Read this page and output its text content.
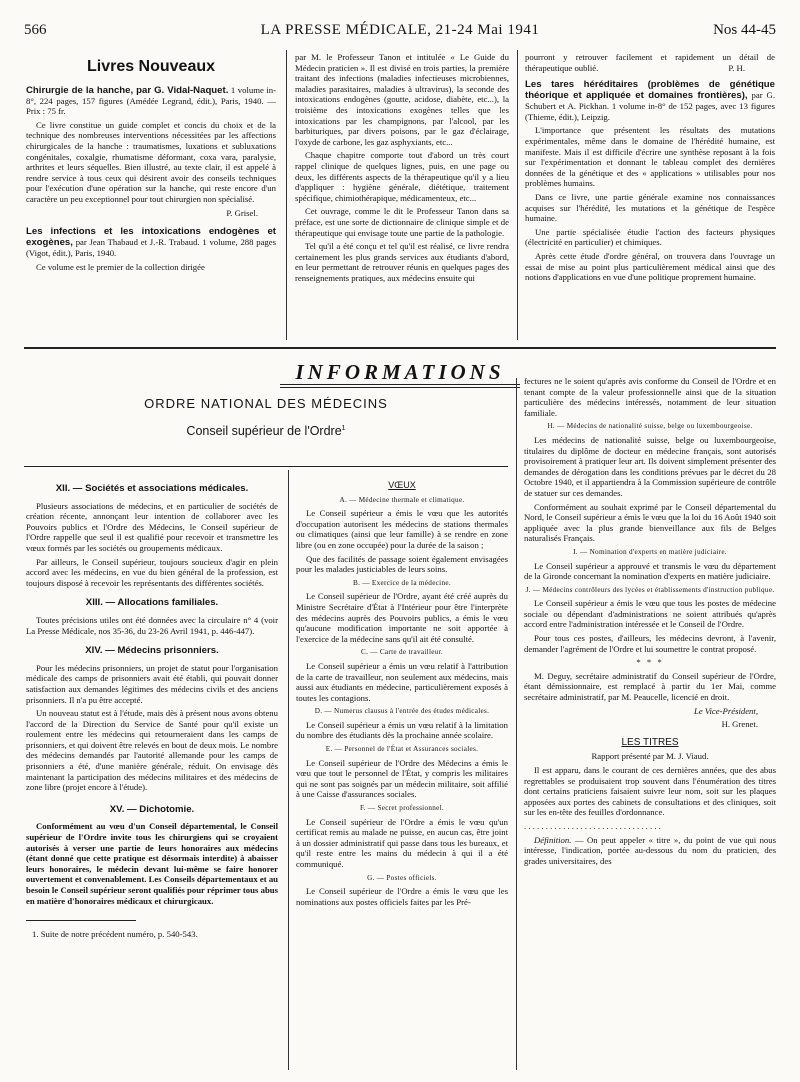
566	LA PRESSE MÉDICALE, 21-24 Mai 1941	Nos 44-45
Livres Nouveaux

Chirurgie de la hanche, par G. Vidal-Naquet. 1 volume in-8°, 224 pages, 157 figures (Amédée Legrand, édit.), Paris, 1940. — Prix : 75 fr.

Ce livre constitue un guide complet et concis du choix et de la technique des nombreuses interventions nécessitées par les affections chirurgicales de la hanche : traumatismes, luxations et subluxations congénitales, coxalgie, rhumatisme déformant, coxa vara, paralysie, arthrites et leurs séquelles. Bien illustré, au texte clair, il est appelé à rendre service à tous ceux qui désirent avoir des conseils techniques pour l'exécution d'une opération sur la hanche, qui reste encore d'un caractère un peu exceptionnel pour tout chirurgien non spécialisé.

P. Grisel.

Les infections et les intoxications endogènes et exogènes, par Jean Thabaud et J.-R. Trabaud. 1 volume, 288 pages (Vigot, édit.), Paris, 1940.

Ce volume est le premier de la collection dirigée

par M. le Professeur Tanon et intitulée « Le Guide du Médecin praticien ». Il est divisé en trois parties, la première traitant des infections (maladies infectieuses microbiennes, maladies parasitaires, maladies à ultravirus), la seconde des intoxications endogènes (goutte, acidose, diabète, etc...), la troisième des intoxications exogènes telles que les intoxications par les champignons, par l'alcool, par les barbituriques, par divers poisons, par le gaz d'éclairage, l'oxyde de carbone, les gaz asphyxiants, etc...

Chaque chapitre comporte tout d'abord un très court rappel clinique de quelques lignes, puis, en une page ou deux, les différents aspects de la thérapeutique qu'il y a lieu d'appliquer : hygiène générale, diététique, traitement spécifique, chimiothérapique, médicamenteux, etc...

Cet ouvrage, comme le dit le Professeur Tanon dans sa préface, est une sorte de dictionnaire de clinique simple et de thérapeutique qui envisage toute une partie de la pathologie.

Tel qu'il a été conçu et tel qu'il est réalisé, ce livre rendra certainement les plus grands services aux étudiants d'abord, en leur permettant de retrouver réunis en quelques pages des renseignements pratiques, aux médecins ensuite qui

pourront y retrouver facilement et rapidement un détail de thérapeutique oublié.	P. H.

Les tares héréditaires (problèmes de génétique théorique et appliquée et domaines frontières), par G. Schubert et A. Pickhan. 1 volume in-8° de 152 pages, avec 13 figures (Thieme, édit.), Leipzig.

L'importance que présentent les résultats des mutations expérimentales, même dans le domaine de l'hérédité humaine, est manifeste. Mais il est difficile d'écrire une synthèse reposant à la fois sur l'expérimentation et donnant le tableau complet des dernières données de la génétique et des « applications » utilisables pour nos problèmes humains.

Dans ce livre, une partie générale examine nos connaissances acquises sur l'hérédité, les mutations et la génétique de l'espèce humaine.

Une partie spécialisée étudie l'action des facteurs physiques (électricité en particulier) et chimiques.

Après cette étude d'ordre général, on trouvera dans l'ouvrage un essai de mise au point plus particulièrement médical ainsi que des notions d'applications en vue d'une politique proprement humaine.

INFORMATIONS
ORDRE NATIONAL DES MÉDECINS
Conseil supérieur de l'Ordre$^1$
XII. — Sociétés et associations médicales.

Plusieurs associations de médecins, et en particulier de sociétés de création récente, annonçant leur intention de collaborer avec les Pouvoirs publics et l'Ordre des Médecins, le Conseil supérieur de l'Ordre rappelle que seul il est qualifié pour recevoir et transmettre les vœux formés par les sociétés ou groupements médicaux.

Par ailleurs, le Conseil supérieur, toujours soucieux d'agir en plein accord avec les médecins, en vue du bien général de la profession, est toujours disposé à recevoir les représentants des différentes sociétés.

XIII. — Allocations familiales.

Toutes précisions utiles ont été données avec la circulaire n° 4 (voir La Presse Médicale, nos 35-36, du 23-26 Avril 1941, p. 446-447).

XIV. — Médecins prisonniers.

Pour les médecins prisonniers, un projet de statut pour l'organisation médicale des camps de prisonniers avait été établi, qui pouvait donner satisfaction aux demandes légitimes des médecins civils et des anciens prisonniers. Il n'a pu être accepté.

Un nouveau statut est à l'étude, mais dès à présent nous avons obtenu l'accord de la Direction du Service de Santé pour qu'il existe un roulement entre les médecins qui retourneraient dans les camps de prisonniers, et qui doivent être relevés en bout de deux mois. Le nombre des médecins demandés par l'autorité allemande pour les camps de prisonniers a été, d'une manière générale, réduit. On envisage dès maintenant la participation des médecins militaires et des médecins de zone libre (projet encore à l'étude).

XV. — Dichotomie.

Conformément au vœu d'un Conseil départemental, le Conseil supérieur de l'Ordre invite tous les chirurgiens qui se croyaient autorisés à verser une partie de leurs honoraires aux médecins (étant donné que cette pratique est désormais interdite) à abaisser leurs honoraires, le médecin devant lui-même se faire honorer ouvertement et convenablement. Les Conseils départementaux et au besoin le Conseil supérieur seront qualifiés pour réprimer tous abus en matière d'honoraires médicaux et chirurgicaux.

1. Suite de notre précédent numéro, p. 540-543.

VŒUX

A. — Médecine thermale et climatique.

Le Conseil supérieur a émis le vœu que les autorités d'occupation autorisent les médecins de stations thermales ou climatiques (ainsi que leur famille) à se rendre en zone libre (ou en zone occupée) pour la durée de la saison ;

Que des facilités de passage soient également envisagées pour les malades justiciables de leurs soins.

B. — Exercice de la médecine.

Le Conseil supérieur de l'Ordre, ayant été créé auprès du Ministre Secrétaire d'État à l'Intérieur pour être l'interprète des médecins auprès des Pouvoirs publics, a émis le vœu qu'aucune modification importante ne soit apportée à l'exercice de la médecine sans qu'il ait été consulté.

C. — Carte de travailleur.

Le Conseil supérieur a émis un vœu relatif à l'attribution de la carte de travailleur, non seulement aux médecins, mais aussi aux étudiants en médecine, particulièrement exposés à toutes les contagions.

D. — Numerus clausus à l'entrée des études médicales.

Le Conseil supérieur a émis un vœu relatif à la limitation du nombre des étudiants dès la prochaine année scolaire.

E. — Personnel de l'État et Assurances sociales.

Le Conseil supérieur de l'Ordre des Médecins a émis le vœu que tout le personnel de l'État, y compris les militaires qui ne sont pas soignés par un médecin militaire, soit affilié à une Caisse d'assurances sociales.

F. — Secret professionnel.

Le Conseil supérieur de l'Ordre a émis le vœu qu'un certificat remis au malade ne puisse, en aucun cas, être joint à un dossier administratif qui passe dans tous les bureaux, et qu'il reste entre les mains du médecin à qui il a été communiqué.

G. — Postes officiels.

Le Conseil supérieur de l'Ordre a émis le vœu que les nominations aux postes officiels faites par les Pré-

fectures ne le soient qu'après avis conforme du Conseil de l'Ordre et en tenant compte de la valeur professionnelle ainsi que de la situation particulière des médecins intéressés, notamment de leur situation familiale.

H. — Médecins de nationalité suisse, belge ou luxembourgeoise.

Les médecins de nationalité suisse, belge ou luxembourgeoise, titulaires du diplôme de docteur en médecine français, sont autorisés provisoirement à pratiquer leur art. Ils doivent simplement présenter des demandes de dérogation dans les conditions prévues par le décret du 28 Octobre 1940, et il appartiendra à la Commission supérieure de contrôle de statuer sur ces demandes.

Conformément au souhait exprimé par le Conseil départemental du Nord, le Conseil supérieur a émis le vœu que la loi du 16 Août 1940 soit appliquée avec la plus grande bienveillance aux fils de Belges naturalisés Français.

I. — Nomination d'experts en matière judiciaire.

Le Conseil supérieur a approuvé et transmis le vœu du département de la Gironde concernant la nomination d'experts en matière judiciaire.

J. — Médecins contrôleurs des lycées et établissements d'instruction publique.

Le Conseil supérieur a émis le vœu que tous les postes de médecine sociale ou dépendant d'administrations ne soient attribués qu'après accord entre l'administration intéressée et le Conseil de l'Ordre.

Pour tous ces postes, d'ailleurs, les médecins devront, à l'avenir, demander l'agrément de l'Ordre et lui soumettre le contrat proposé.

* * *

M. Deguy, secrétaire administratif du Conseil supérieur de l'Ordre, étant démissionnaire, est remplacé à partir du 1er Mai, comme secrétaire administratif, par M. Peaucelle, licencié en droit.

Le Vice-Président,

H. Grenet.

LES TITRES

Rapport présenté par M. J. Viaud.

Il est apparu, dans le courant de ces dernières années, que des abus regrettables se produisaient trop souvent dans l'énumération des titres dont certains praticiens faisaient suivre leur nom, soit sur les plaques apposées aux portes des cabinets de consultations et des cliniques, soit sur les en-tête des feuilles d'ordonnance.

. . . . . . . . . . . . . . . . . . . . . . . . . . . . . . . .

Définition. — On peut appeler « titre », du point de vue qui nous intéresse, l'indication, portée au-dessous du nom du praticien, des grades universitaires, des
